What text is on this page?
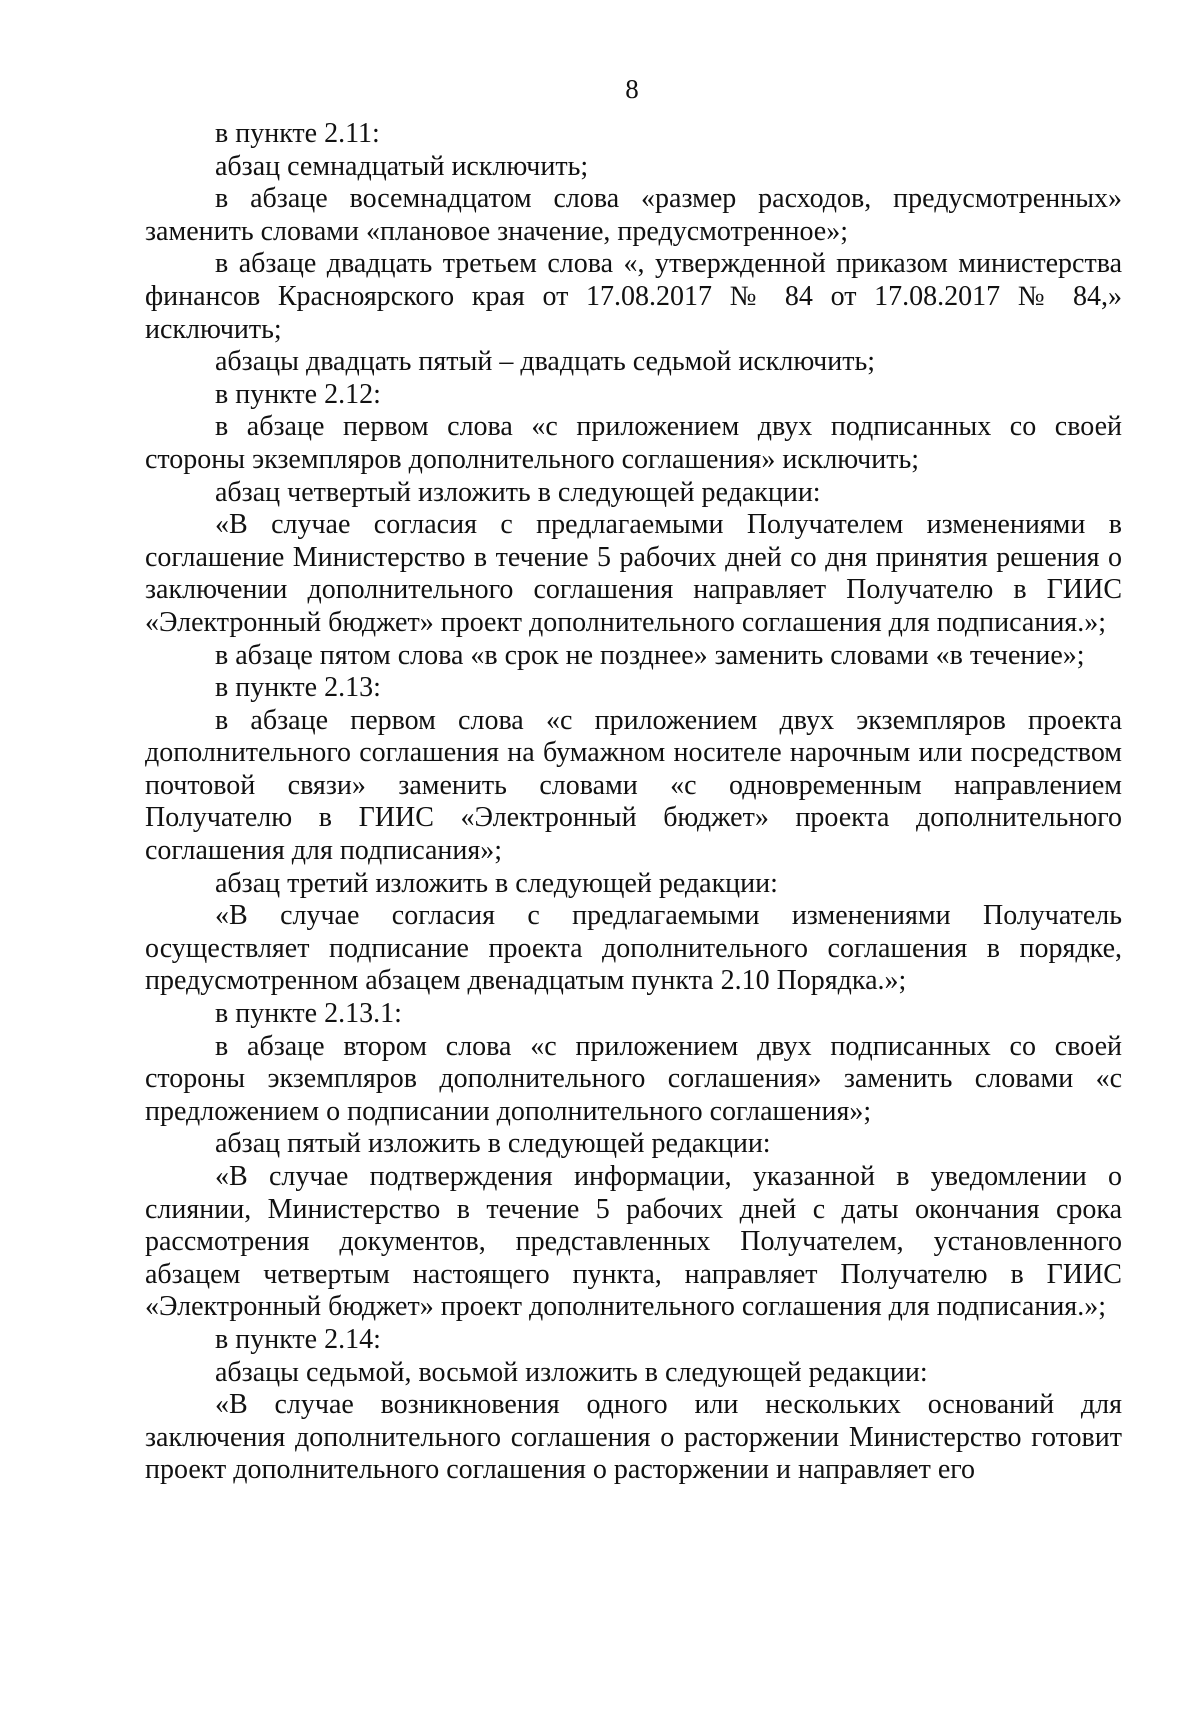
8

в пункте 2.11:

абзац семнадцатый исключить;

в абзаце восемнадцатом слова «размер расходов, предусмотренных» заменить словами «плановое значение, предусмотренное»;

в абзаце двадцать третьем слова «, утвержденной приказом министерства финансов Красноярского края от 17.08.2017 № 84 от 17.08.2017 № 84,» исключить;

абзацы двадцать пятый – двадцать седьмой исключить;

в пункте 2.12:

в абзаце первом слова «с приложением двух подписанных со своей стороны экземпляров дополнительного соглашения» исключить;

абзац четвертый изложить в следующей редакции:

«В случае согласия с предлагаемыми Получателем изменениями в соглашение Министерство в течение 5 рабочих дней со дня принятия решения о заключении дополнительного соглашения направляет Получателю в ГИИС «Электронный бюджет» проект дополнительного соглашения для подписания.»;

в абзаце пятом слова «в срок не позднее» заменить словами «в течение»;

в пункте 2.13:

в абзаце первом слова «с приложением двух экземпляров проекта дополнительного соглашения на бумажном носителе нарочным или посредством почтовой связи» заменить словами «с одновременным направлением Получателю в ГИИС «Электронный бюджет» проекта дополнительного соглашения для подписания»;

абзац третий изложить в следующей редакции:

«В случае согласия с предлагаемыми изменениями Получатель осуществляет подписание проекта дополнительного соглашения в порядке, предусмотренном абзацем двенадцатым пункта 2.10 Порядка.»;

в пункте 2.13.1:

в абзаце втором слова «с приложением двух подписанных со своей стороны экземпляров дополнительного соглашения» заменить словами «с предложением о подписании дополнительного соглашения»;

абзац пятый изложить в следующей редакции:

«В случае подтверждения информации, указанной в уведомлении о слиянии, Министерство в течение 5 рабочих дней с даты окончания срока рассмотрения документов, представленных Получателем, установленного абзацем четвертым настоящего пункта, направляет Получателю в ГИИС «Электронный бюджет» проект дополнительного соглашения для подписания.»;

в пункте 2.14:

абзацы седьмой, восьмой изложить в следующей редакции:

«В случае возникновения одного или нескольких оснований для заключения дополнительного соглашения о расторжении Министерство готовит проект дополнительного соглашения о расторжении и направляет его
